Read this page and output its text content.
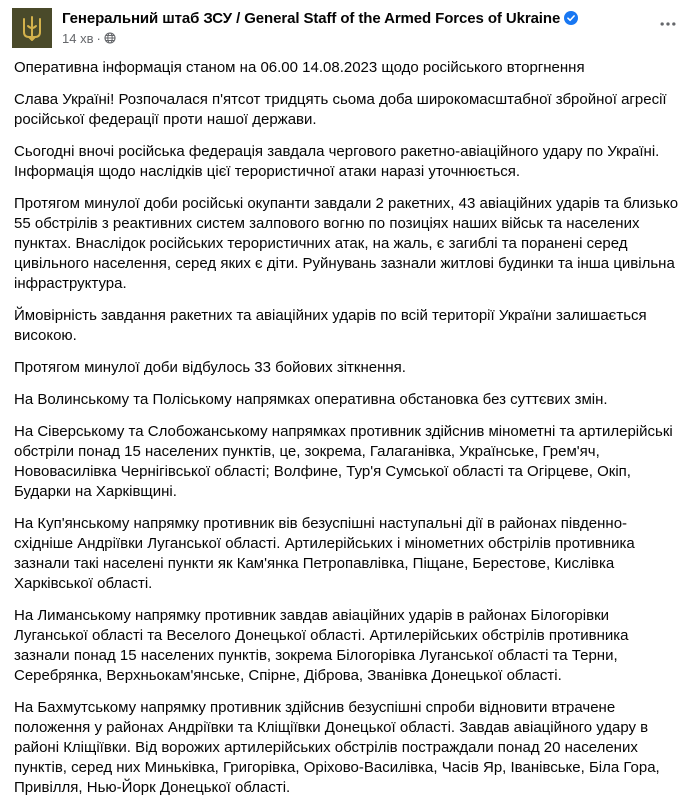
Генеральний штаб ЗСУ / General Staff of the Armed Forces of Ukraine
14 хв ·

Оперативна інформація станом на 06.00 14.08.2023 щодо російського вторгнення

Слава Україні! Розпочалася п'ятсот тридцять сьома доба широкомасштабної збройної агресії російської федерації проти нашої держави.

Сьогодні вночі російська федерація завдала чергового ракетно-авіаційного удару по Україні. Інформація щодо наслідків цієї терористичної атаки наразі уточнюється.

Протягом минулої доби російські окупанти завдали 2 ракетних, 43 авіаційних ударів та близько 55 обстрілів з реактивних систем залпового вогню по позиціях наших військ та населених пунктах. Внаслідок російських терористичних атак, на жаль, є загиблі та поранені серед цивільного населення, серед яких є діти. Руйнувань зазнали житлові будинки та інша цивільна інфраструктура.

Ймовірність завдання ракетних та авіаційних ударів по всій території України залишається високою.

Протягом минулої доби відбулось 33 бойових зіткнення.

На Волинському та Поліському напрямках оперативна обстановка без суттєвих змін.

На Сіверському та Слобожанському напрямках противник здійснив мінометні та артилерійські обстріли понад 15 населених пунктів, це, зокрема, Галаганівка, Українське, Грем'яч, Нововасилівка Чернігівської області; Волфине, Тур'я Сумської області та Огірцеве, Окіп, Бударки на Харківщині.

На Куп'янському напрямку противник вів безуспішні наступальні дії в районах південно-східніше Андріївки Луганської області. Артилерійських і мінометних обстрілів противника зазнали такі населені пункти як Кам'янка Петропавлівка, Піщане, Берестове, Кислівка Харківської області.

На Лиманському напрямку противник завдав авіаційних ударів в районах Білогорівки Луганської області та Веселого Донецької області. Артилерійських обстрілів противника зазнали понад 15 населених пунктів, зокрема Білогорівка Луганської області та Терни, Серебрянка, Верхньокам'янське, Спірне, Діброва, Званівка Донецької області.

На Бахмутському напрямку противник здійснив безуспішні спроби відновити втрачене положення у районах Андріївки та Кліщіївки Донецької області. Завдав авіаційного удару в районі Кліщіївки. Від ворожих артилерійських обстрілів постраждали понад 20 населених пунктів, серед них Миньківка, Григорівка, Оріхово-Василівка, Часів Яр, Іванівське, Біла Гора, Привілля, Нью-Йорк Донецької області.
